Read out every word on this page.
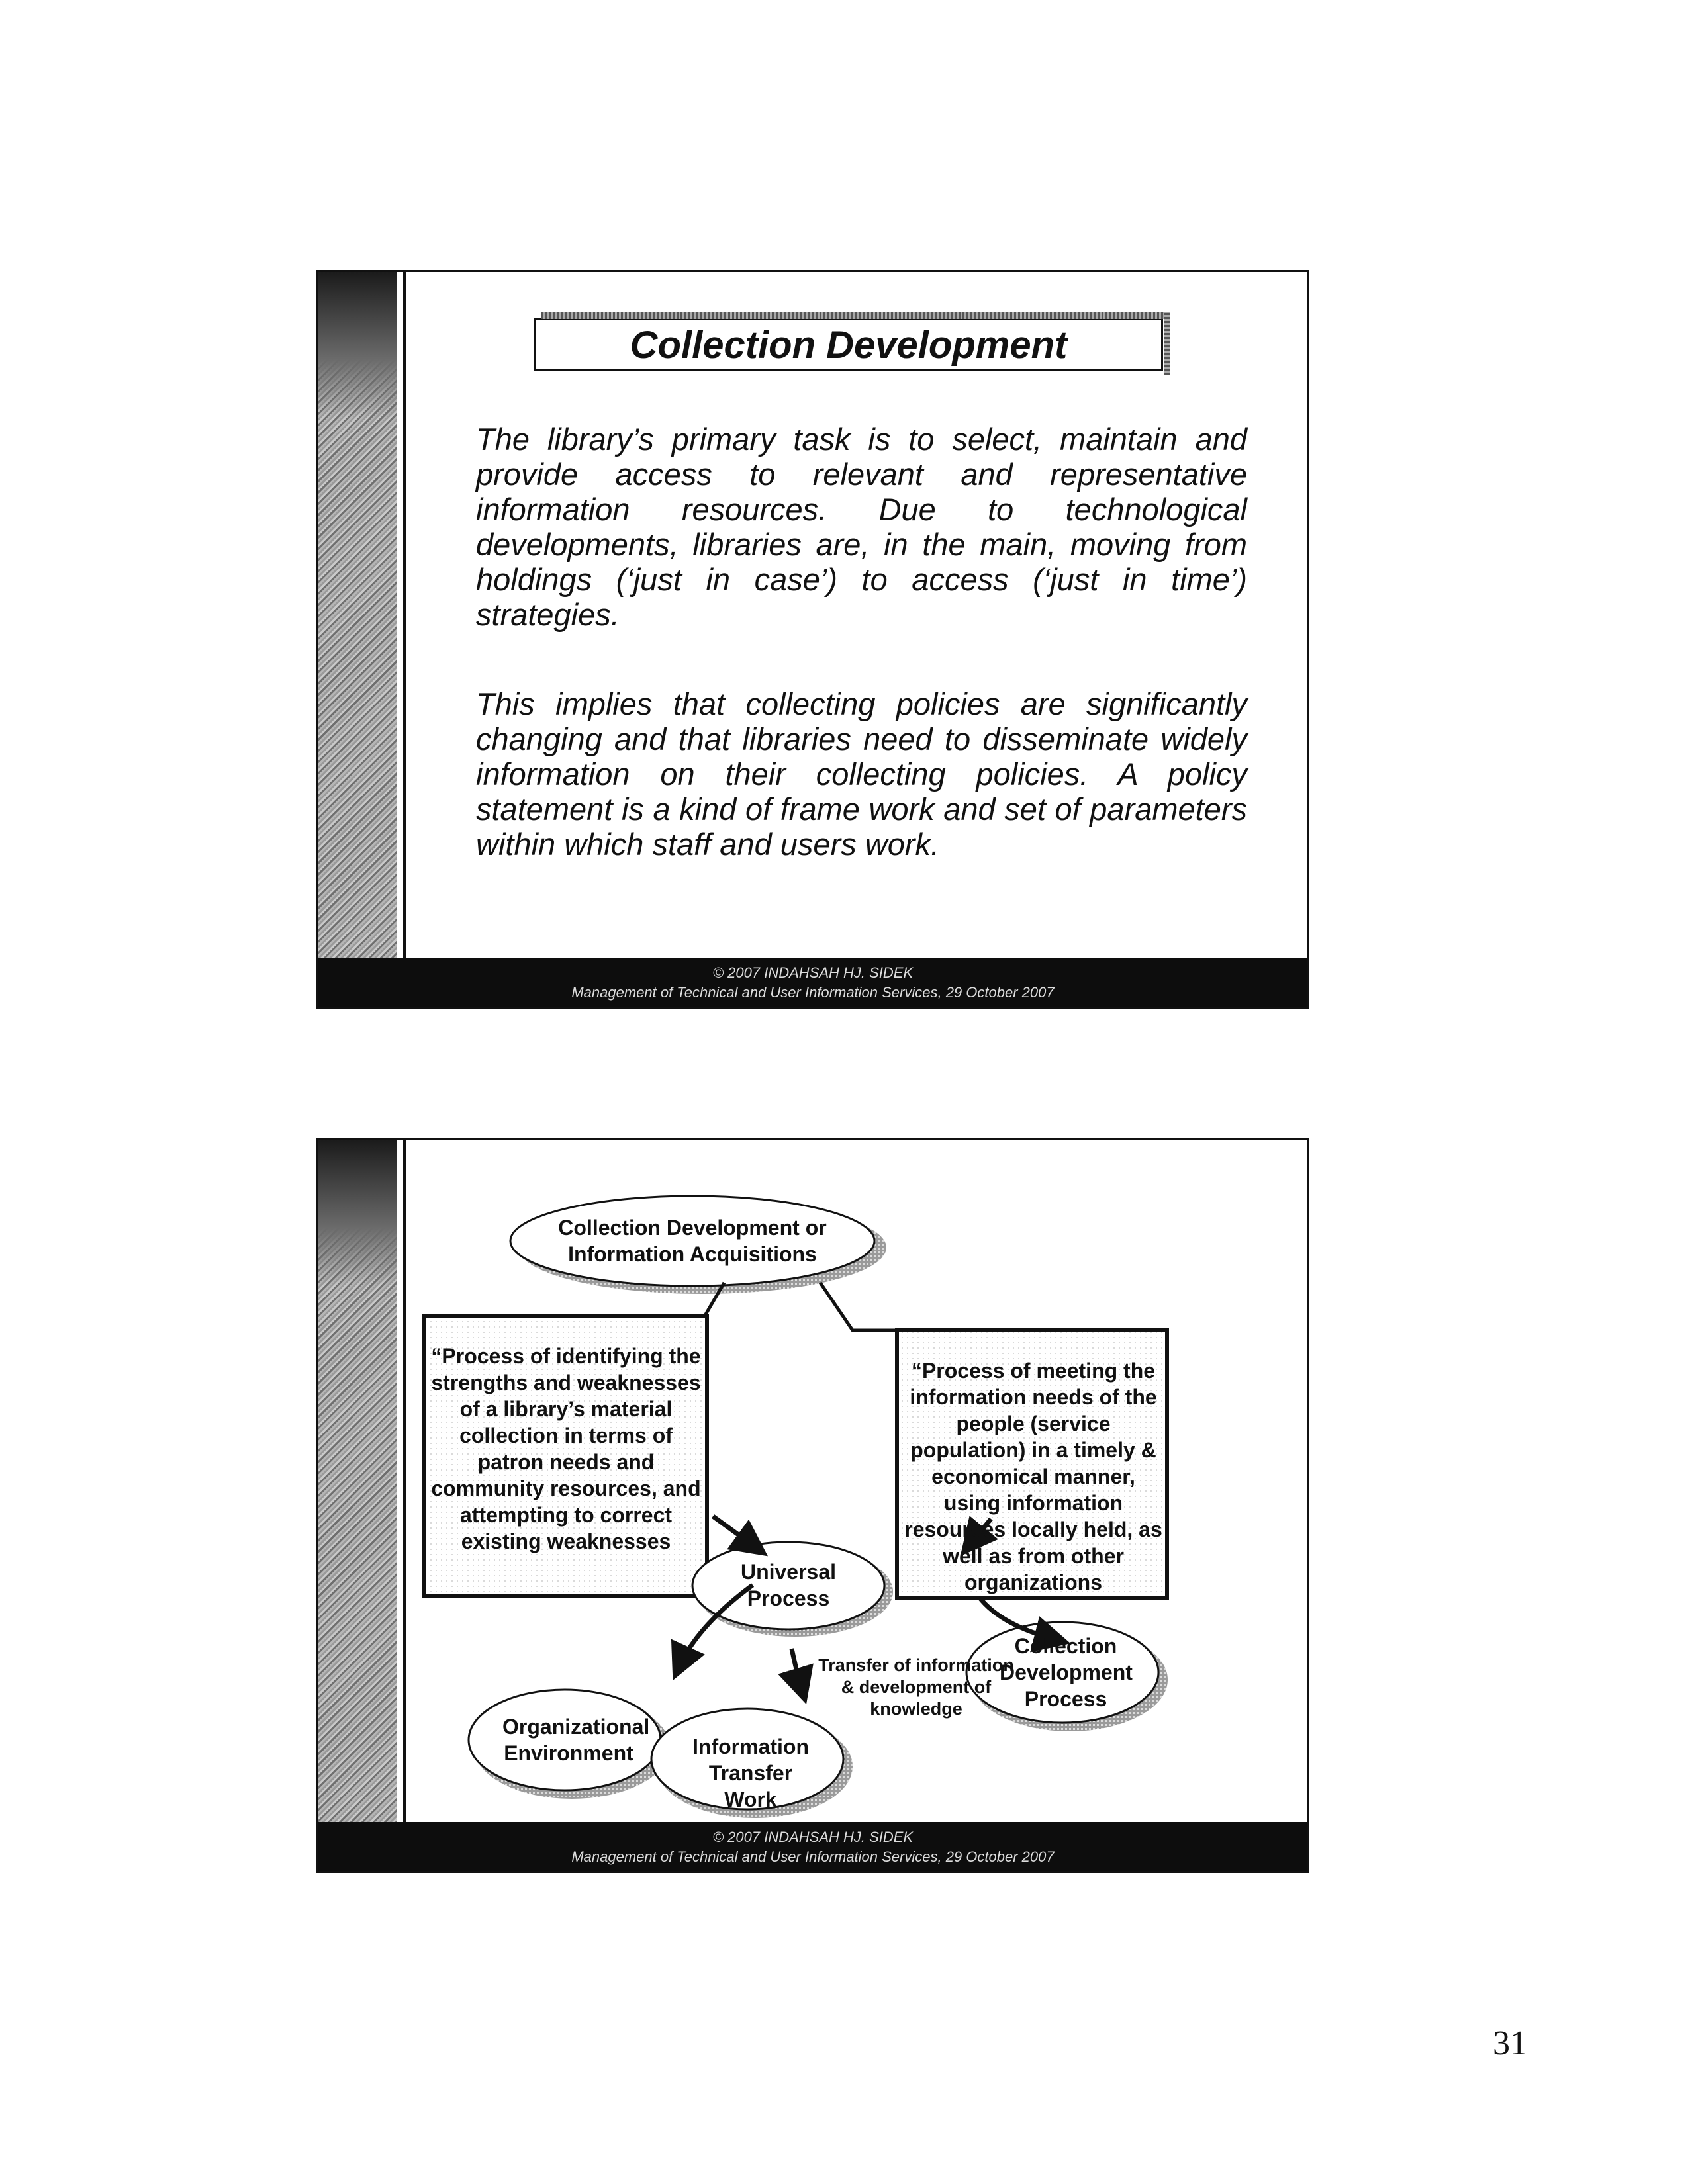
Collection Development
The library’s primary task is to select, maintain and provide access to relevant and representative information resources. Due to technological developments, libraries are, in the main, moving from holdings (‘just in case’) to access (‘just in time’) strategies.
This implies that collecting policies are significantly changing and that libraries need to disseminate widely information on their collecting policies. A policy statement is a kind of frame work and set of parameters within which staff and users work.
© 2007 INDAHSAH HJ. SIDEK
Management of Technical and User Information Services, 29 October 2007
Collection Development or Information Acquisitions
“Process of identifying the strengths and weaknesses of a library’s material collection in terms of patron needs and community resources, and attempting to correct existing weaknesses
“Process of meeting the information needs of the people (service population) in a timely & economical manner, using information resources locally held, as well as from other organizations
Universal Process
Organizational Environment	Information Transfer Work
Collection Development Process
Transfer of information & development of knowledge
© 2007 INDAHSAH HJ. SIDEK
Management of Technical and User Information Services, 29 October 2007
31
